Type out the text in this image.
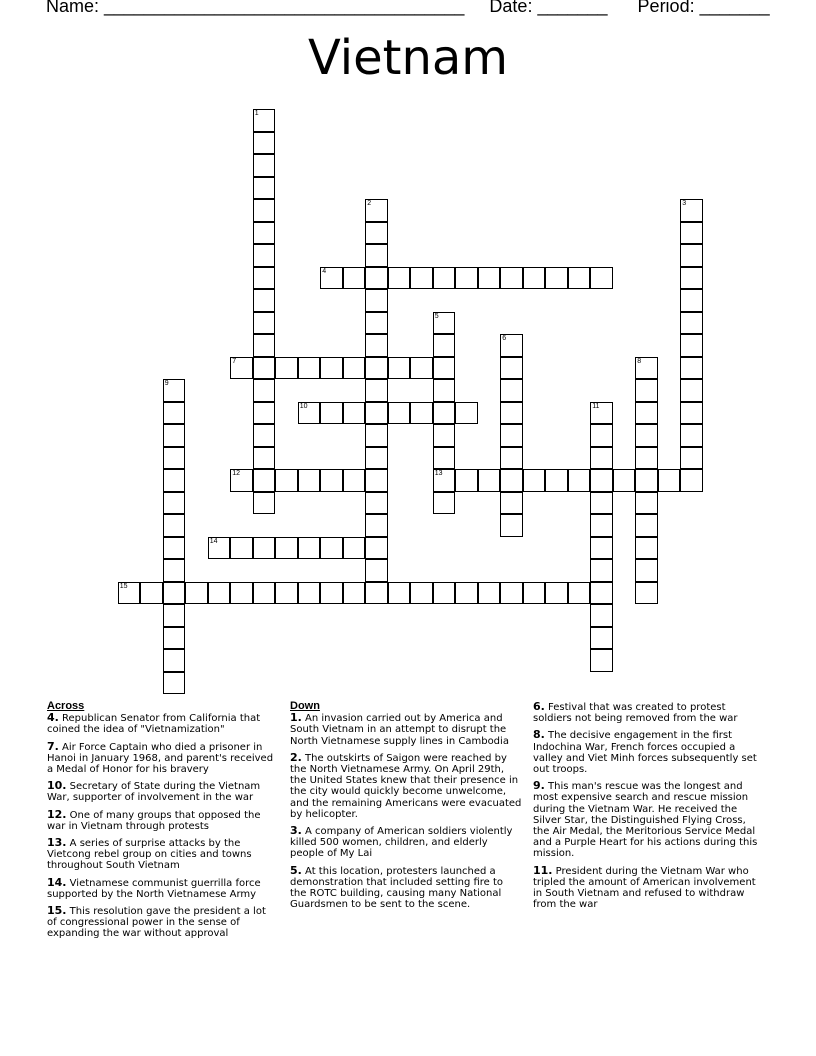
Name: ____________________________________ Date: _______ Period: _______
Vietnam
1
2	3
4
5
13
6
7	8
9
10	11
12
14
15
Across
4. Republican Senator from California that coined the idea of "Vietnamization"
7. Air Force Captain who died a prisoner in Hanoi in January 1968, and parent's received a Medal of Honor for his bravery
10. Secretary of State during the Vietnam War, supporter of involvement in the war
12. One of many groups that opposed the war in Vietnam through protests
13. A series of surprise attacks by the Vietcong rebel group on cities and towns throughout South Vietnam
14. Vietnamese communist guerrilla force supported by the North Vietnamese Army
15. This resolution gave the president a lot of congressional power in the sense of expanding the war without approval
Down
1. An invasion carried out by America and South Vietnam in an attempt to disrupt the North Vietnamese supply lines in Cambodia
2. The outskirts of Saigon were reached by the North Vietnamese Army. On April 29th, the United States knew that their presence in the city would quickly become unwelcome, and the remaining Americans were evacuated by helicopter.
3. A company of American soldiers violently killed 500 women, children, and elderly people of My Lai
5. At this location, protesters launched a demonstration that included setting fire to the ROTC building, causing many National Guardsmen to be sent to the scene.
6. Festival that was created to protest soldiers not being removed from the war
8. The decisive engagement in the first Indochina War, French forces occupied a valley and Viet Minh forces subsequently set out troops.
9. This man's rescue was the longest and most expensive search and rescue mission during the Vietnam War. He received the Silver Star, the Distinguished Flying Cross, the Air Medal, the Meritorious Service Medal and a Purple Heart for his actions during this mission.
11. President during the Vietnam War who tripled the amount of American involvement in South Vietnam and refused to withdraw from the war
